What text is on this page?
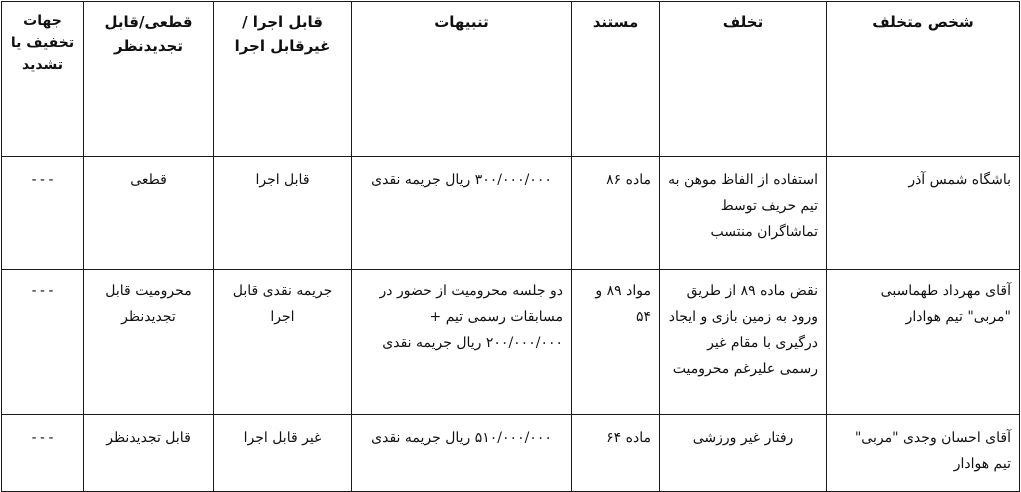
شخص متخلف	تخلف	مستند	تنبیهات	قابل اجرا /غیرقابل اجرا	قطعی/قابل تجدیدنظر	جهات تخفیف یا تشدید
باشگاه شمس آذر	استفاده از الفاظ موهن به تیم حریف توسط تماشاگران منتسب	ماده ۸۶	۳۰۰/۰۰۰/۰۰۰ ریال جریمه نقدی	قابل اجرا	قطعی	---
آقای مهرداد طهماسبی "مربی" تیم هوادار	نقض ماده ۸۹ از طریق ورود به زمین بازی و ایجاد درگیری با مقام غیر رسمی علیرغم محرومیت	مواد ۸۹ و ۵۴	دو جلسه محرومیت از حضور در مسابقات رسمی تیم + ۲۰۰/۰۰۰/۰۰۰ ریال جریمه نقدی	جریمه نقدی قابل اجرا	محرومیت قابل تجدیدنظر	---
آقای احسان وجدی "مربی" تیم هوادار	رفتار غیر ورزشی	ماده ۶۴	۵۱۰/۰۰۰/۰۰۰ ریال جریمه نقدی	غیر قابل اجرا	قابل تجدیدنظر	---
